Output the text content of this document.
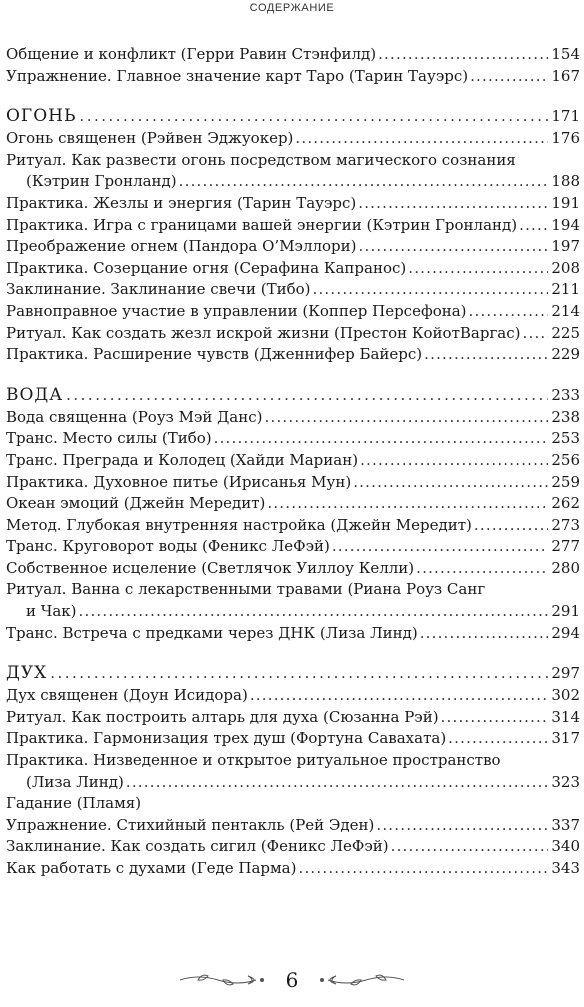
СОДЕРЖАНИЕ
Общение и конфликт (Герри Равин Стэнфилд) .....	154
Упражнение. Главное значение карт Таро (Тарин Тауэрс) .....	167
ОГОНЬ .....	171
Огонь священен (Рэйвен Эджуокер) .....	176
Ритуал. Как развести огонь посредством магического сознания
(Кэтрин Гронланд) .....	188
Практика. Жезлы и энергия (Тарин Тауэрс) .....	191
Практика. Игра с границами вашей энергии (Кэтрин Гронланд) ..... 194
Преображение огнем (Пандора О’Мэллори) .....	197
Практика. Созерцание огня (Серафина Капранос) .....	208
Заклинание. Заклинание свечи (Тибо) .....	211
Равноправное участие в управлении (Коппер Персефона) .....	214
Ритуал. Как создать жезл искрой жизни (Престон КойотВаргас) ..... 225
Практика. Расширение чувств (Дженнифер Байерс) .....	229
ВОДА .....	233
Вода священна (Роуз Мэй Данс) .....	238
Транс. Место силы (Тибо) .....	253
Транс. Преграда и Колодец (Хайди Мариан) .....	256
Практика. Духовное питье (Ирисанья Мун) .....	259
Океан эмоций (Джейн Мередит) .....	262
Метод. Глубокая внутренняя настройка (Джейн Мередит) .....	273
Транс. Круговорот воды (Феникс ЛеФэй) .....	277
Собственное исцеление (Светлячок Уиллоу Келли) .....	280
Ритуал. Ванна с лекарственными травами (Риана Роуз Санг
и Чак) .....	291
Транс. Встреча с предками через ДНК (Лиза Линд) .....	294
ДУХ .....	297
Дух священен (Доун Исидора) .....	302
Ритуал. Как построить алтарь для духа (Сюзанна Рэй) .....	314
Практика. Гармонизация трех душ (Фортуна Савахата) .....	317
Практика. Низведенное и открытое ритуальное пространство
(Лиза Линд) .....	323
Гадание (Пламя)
Упражнение. Стихийный пентакль (Рей Эден) .....	337
Заклинание. Как создать сигил (Феникс ЛеФэй) .....	340
Как работать с духами (Геде Парма) .....	343
6
